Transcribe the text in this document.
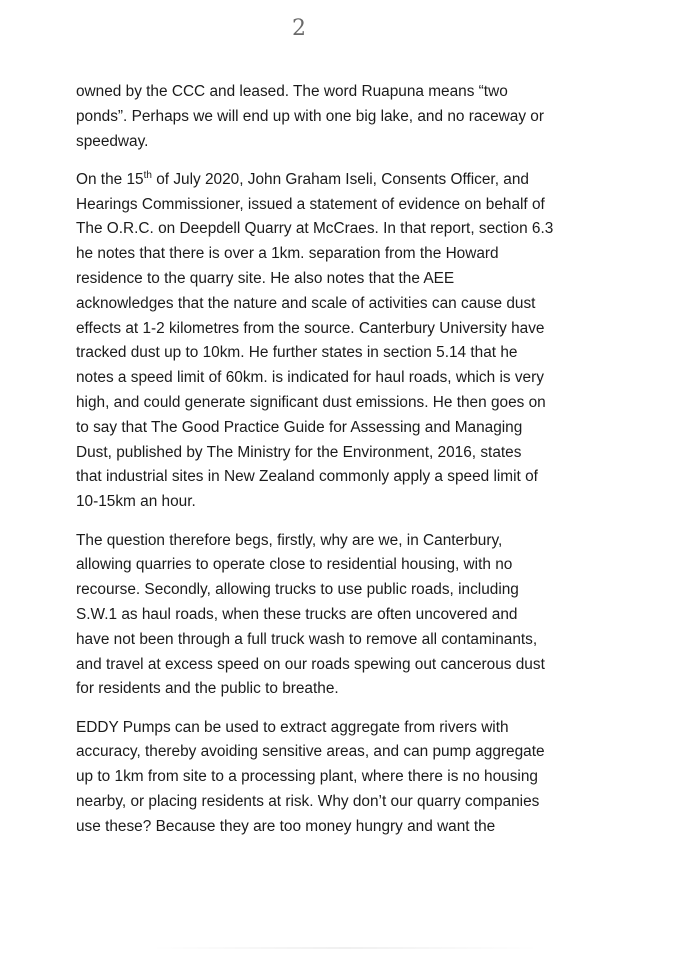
2
owned by the CCC and leased. The word Ruapuna means “two
ponds”. Perhaps we will end up with one big lake, and no raceway or
speedway.
On the 15th of July 2020, John Graham Iseli, Consents Officer, and
Hearings Commissioner, issued a statement of evidence on behalf of
The O.R.C. on Deepdell Quarry at McCraes. In that report, section 6.3
he notes that there is over a 1km. separation from the Howard
residence to the quarry site. He also notes that the AEE
acknowledges that the nature and scale of activities can cause dust
effects at 1-2 kilometres from the source. Canterbury University have
tracked dust up to 10km. He further states in section 5.14 that he
notes a speed limit of 60km. is indicated for haul roads, which is very
high, and could generate significant dust emissions. He then goes on
to say that The Good Practice Guide for Assessing and Managing
Dust, published by The Ministry for the Environment, 2016, states
that industrial sites in New Zealand commonly apply a speed limit of
10-15km an hour.
The question therefore begs, firstly, why are we, in Canterbury,
allowing quarries to operate close to residential housing, with no
recourse. Secondly, allowing trucks to use public roads, including
S.W.1 as haul roads, when these trucks are often uncovered and
have not been through a full truck wash to remove all contaminants,
and travel at excess speed on our roads spewing out cancerous dust
for residents and the public to breathe.
EDDY Pumps can be used to extract aggregate from rivers with
accuracy, thereby avoiding sensitive areas, and can pump aggregate
up to 1km from site to a processing plant, where there is no housing
nearby, or placing residents at risk. Why don’t our quarry companies
use these? Because they are too money hungry and want the
